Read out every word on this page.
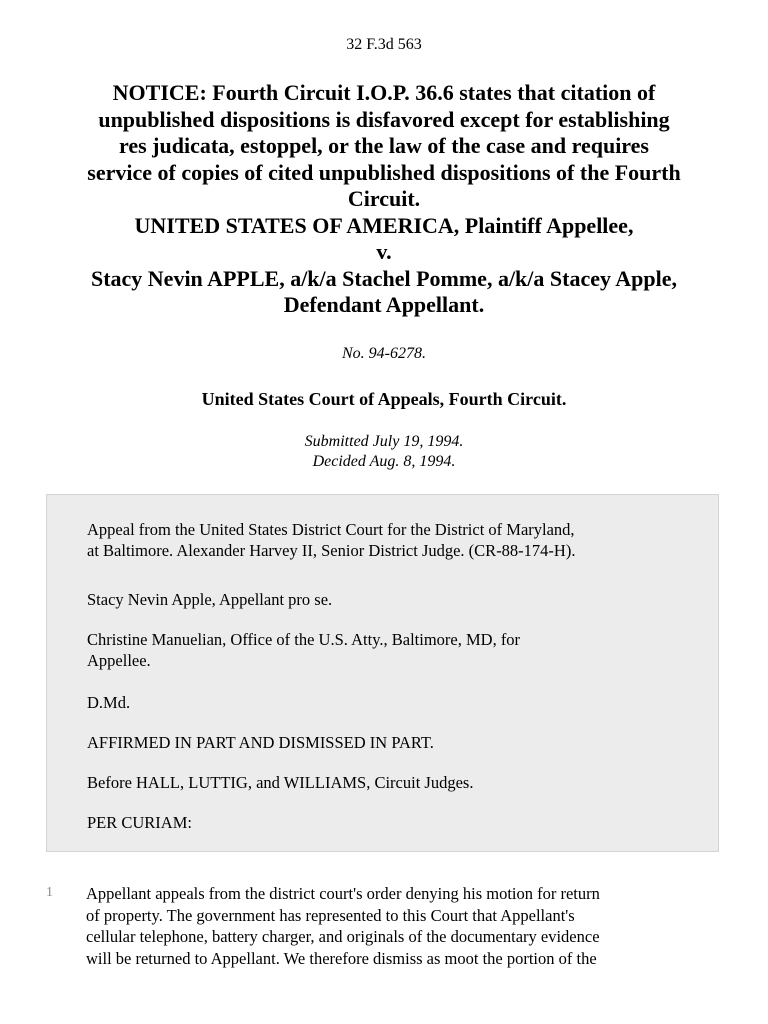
32 F.3d 563
NOTICE: Fourth Circuit I.O.P. 36.6 states that citation of
unpublished dispositions is disfavored except for establishing
res judicata, estoppel, or the law of the case and requires
service of copies of cited unpublished dispositions of the Fourth
Circuit.
UNITED STATES OF AMERICA, Plaintiff Appellee,
v.
Stacy Nevin APPLE, a/k/a Stachel Pomme, a/k/a Stacey Apple,
Defendant Appellant.
No. 94-6278.
United States Court of Appeals, Fourth Circuit.
Submitted July 19, 1994.
Decided Aug. 8, 1994.

Appeal from the United States District Court for the District of Maryland,
at Baltimore. Alexander Harvey II, Senior District Judge. (CR-88-174-H).

Stacy Nevin Apple, Appellant pro se.

Christine Manuelian, Office of the U.S. Atty., Baltimore, MD, for
Appellee.

D.Md.

AFFIRMED IN PART AND DISMISSED IN PART.

Before HALL, LUTTIG, and WILLIAMS, Circuit Judges.

PER CURIAM:

1 Appellant appeals from the district court's order denying his motion for return
of property. The government has represented to this Court that Appellant's
cellular telephone, battery charger, and originals of the documentary evidence
will be returned to Appellant. We therefore dismiss as moot the portion of the
